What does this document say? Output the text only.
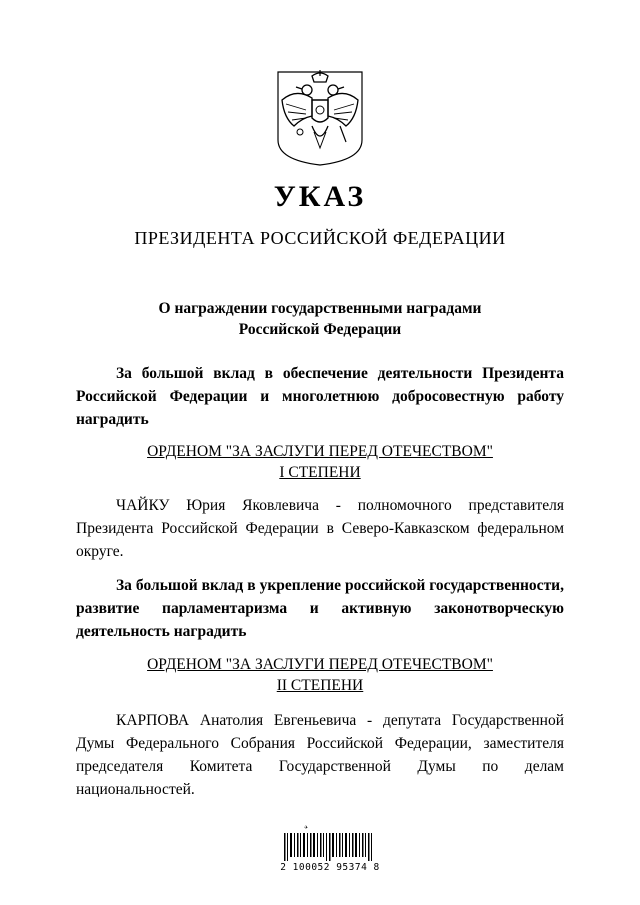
УКАЗ
ПРЕЗИДЕНТА РОССИЙСКОЙ ФЕДЕРАЦИИ
О награждении государственными наградами
Российской Федерации
За большой вклад в обеспечение деятельности Президента Российской Федерации и многолетнюю добросовестную работу наградить
ОРДЕНОМ "ЗА ЗАСЛУГИ ПЕРЕД ОТЕЧЕСТВОМ"
I СТЕПЕНИ
ЧАЙКУ Юрия Яковлевича - полномочного представителя Президента Российской Федерации в Северо-Кавказском федеральном округе.
За большой вклад в укрепление российской государственности, развитие парламентаризма и активную законотворческую деятельность наградить
ОРДЕНОМ "ЗА ЗАСЛУГИ ПЕРЕД ОТЕЧЕСТВОМ"
II СТЕПЕНИ
КАРПОВА Анатолия Евгеньевича - депутата Государственной Думы Федерального Собрания Российской Федерации, заместителя председателя Комитета Государственной Думы по делам национальностей.
✈
2 100052 95374 8
